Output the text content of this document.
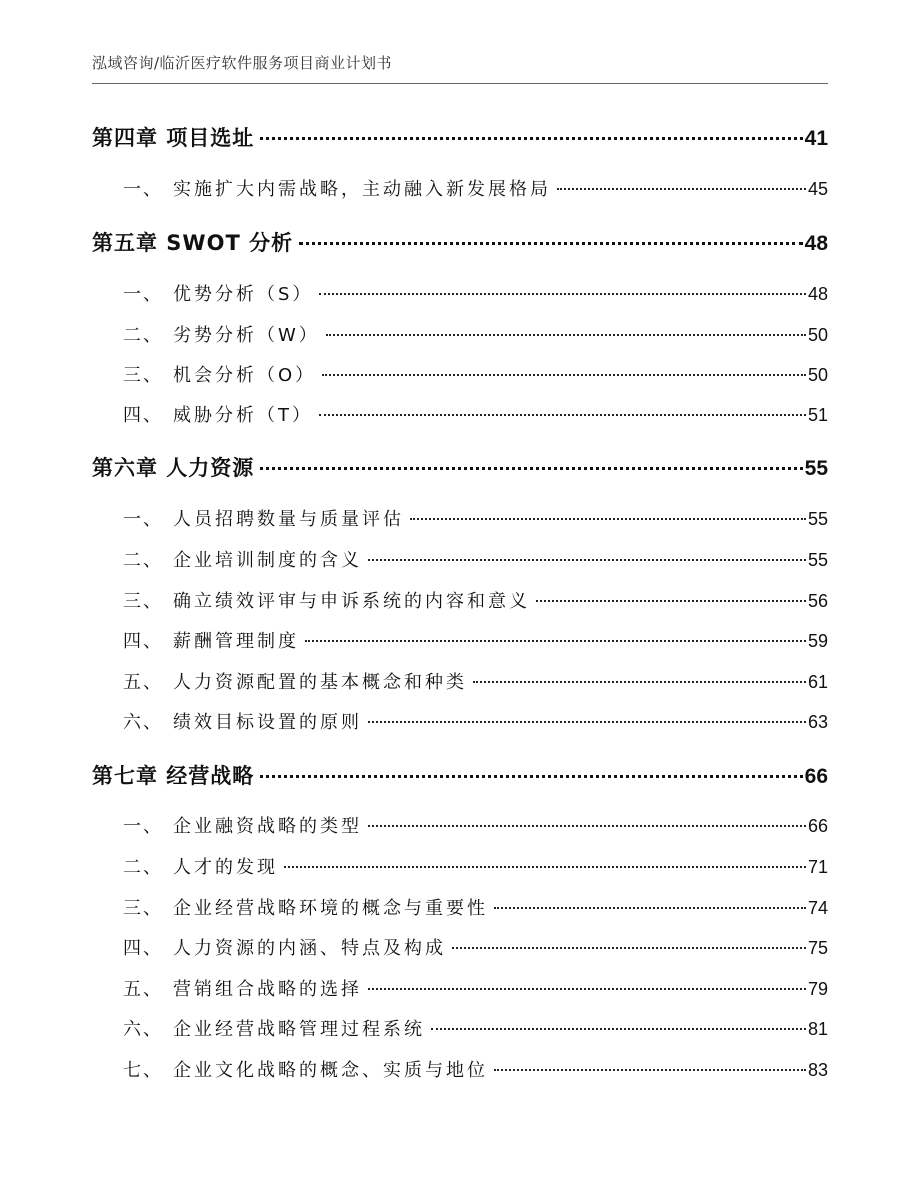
泓域咨询/临沂医疗软件服务项目商业计划书
第四章 项目选址	41
一、 实施扩大内需战略，主动融入新发展格局	45
第五章 SWOT 分析	48
一、 优势分析（S）	48
二、 劣势分析（W）	50
三、 机会分析（O）	50
四、 威胁分析（T）	51
第六章 人力资源	55
一、 人员招聘数量与质量评估	55
二、 企业培训制度的含义	55
三、 确立绩效评审与申诉系统的内容和意义	56
四、 薪酬管理制度	59
五、 人力资源配置的基本概念和种类	61
六、 绩效目标设置的原则	63
第七章 经营战略	66
一、 企业融资战略的类型	66
二、 人才的发现	71
三、 企业经营战略环境的概念与重要性	74
四、 人力资源的内涵、特点及构成	75
五、 营销组合战略的选择	79
六、 企业经营战略管理过程系统	81
七、 企业文化战略的概念、实质与地位	83
